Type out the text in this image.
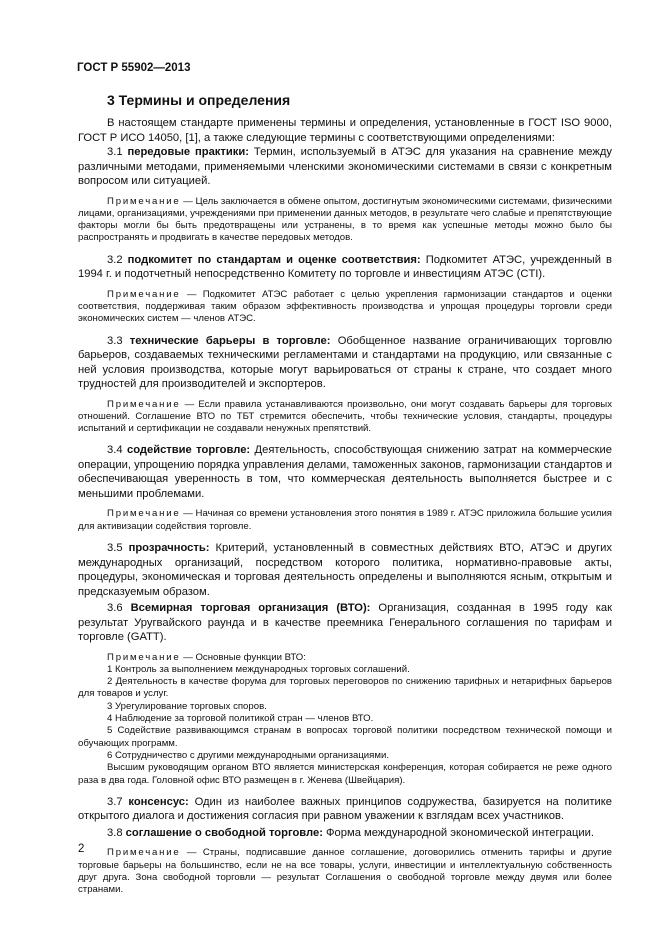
ГОСТ Р 55902—2013
3 Термины и определения

В настоящем стандарте применены термины и определения, установленные в ГОСТ ISO 9000, ГОСТ Р ИСО 14050, [1], а также следующие термины с соответствующими определениями:

3.1 передовые практики: Термин, используемый в АТЭС для указания на сравнение между различными методами, применяемыми членскими экономическими системами в связи с конкретным вопросом или ситуацией.

Примечание — Цель заключается в обмене опытом, достигнутым экономическими системами, физическими лицами, организациями, учреждениями при применении данных методов, в результате чего слабые и препятствующие факторы могли бы быть предотвращены или устранены, в то время как успешные методы можно было бы распространять и продвигать в качестве передовых методов.

3.2 подкомитет по стандартам и оценке соответствия: Подкомитет АТЭС, учрежденный в 1994 г. и подотчетный непосредственно Комитету по торговле и инвестициям АТЭС (CTI).

Примечание — Подкомитет АТЭС работает с целью укрепления гармонизации стандартов и оценки соответствия, поддерживая таким образом эффективность производства и упрощая процедуры торговли среди экономических систем — членов АТЭС.

3.3 технические барьеры в торговле: Обобщенное название ограничивающих торговлю барьеров, создаваемых техническими регламентами и стандартами на продукцию, или связанные с ней условия производства, которые могут варьироваться от страны к стране, что создает много трудностей для производителей и экспортеров.

Примечание — Если правила устанавливаются произвольно, они могут создавать барьеры для торговых отношений. Соглашение ВТО по ТБТ стремится обеспечить, чтобы технические условия, стандарты, процедуры испытаний и сертификации не создавали ненужных препятствий.

3.4 содействие торговле: Деятельность, способствующая снижению затрат на коммерческие операции, упрощению порядка управления делами, таможенных законов, гармонизации стандартов и обеспечивающая уверенность в том, что коммерческая деятельность выполняется быстрее и с меньшими проблемами.

Примечание — Начиная со времени установления этого понятия в 1989 г. АТЭС приложила большие усилия для активизации содействия торговле.

3.5 прозрачность: Критерий, установленный в совместных действиях ВТО, АТЭС и других международных организаций, посредством которого политика, нормативно-правовые акты, процедуры, экономическая и торговая деятельность определены и выполняются ясным, открытым и предсказуемым образом.

3.6 Всемирная торговая организация (ВТО): Организация, созданная в 1995 году как результат Уругвайского раунда и в качестве преемника Генерального соглашения по тарифам и торговле (GATT).

Примечание — Основные функции ВТО:

1 Контроль за выполнением международных торговых соглашений.

2 Деятельность в качестве форума для торговых переговоров по снижению тарифных и нетарифных барьеров для товаров и услуг.

3 Урегулирование торговых споров.

4 Наблюдение за торговой политикой стран — членов ВТО.

5 Содействие развивающимся странам в вопросах торговой политики посредством технической помощи и обучающих программ.

6 Сотрудничество с другими международными организациями.

Высшим руководящим органом ВТО является министерская конференция, которая собирается не реже одного раза в два года. Головной офис ВТО размещен в г. Женева (Швейцария).

3.7 консенсус: Один из наиболее важных принципов содружества, базируется на политике открытого диалога и достижения согласия при равном уважении к взглядам всех участников.

3.8 соглашение о свободной торговле: Форма международной экономической интеграции.

Примечание — Страны, подписавшие данное соглашение, договорились отменить тарифы и другие торговые барьеры на большинство, если не на все товары, услуги, инвестиции и интеллектуальную собственность друг друга. Зона свободной торговли — результат Соглашения о свободной торговле между двумя или более странами.

2
